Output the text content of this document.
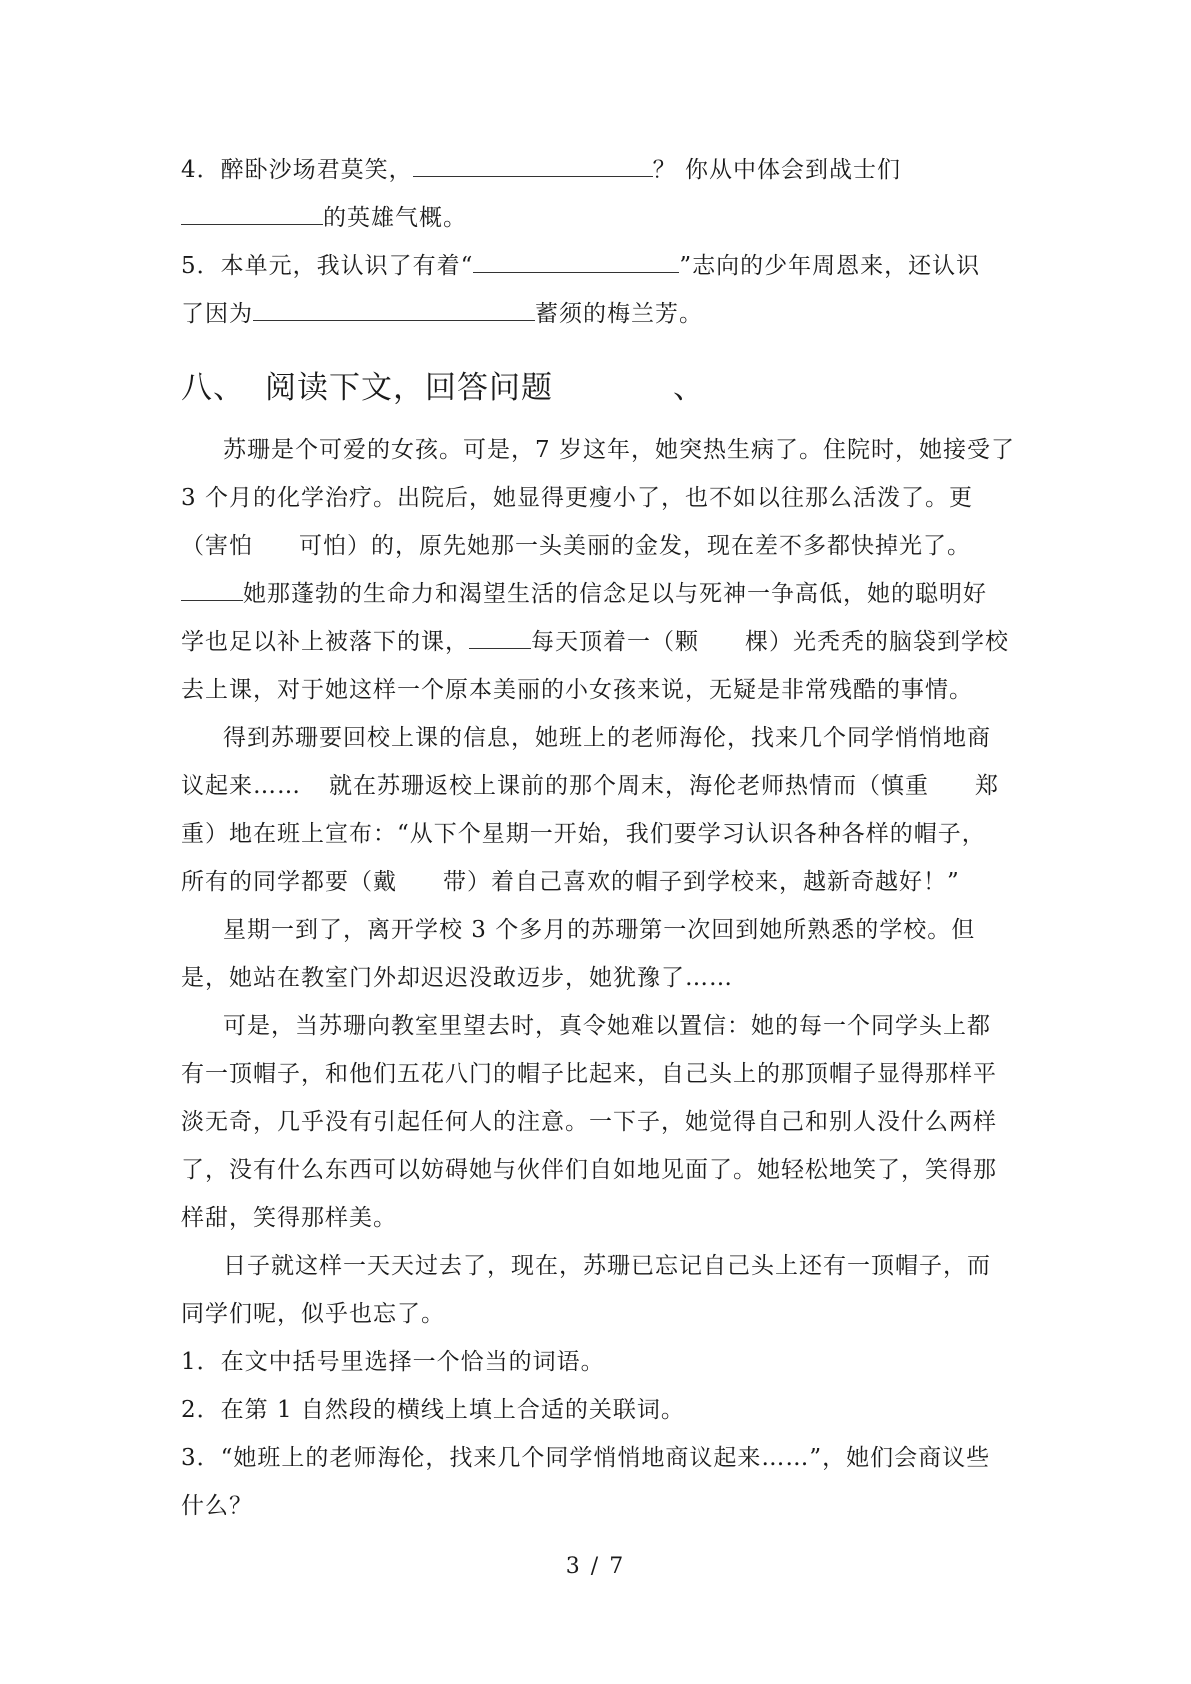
4．醉卧沙场君莫笑，	？ 你从中体会到战士们
的英雄气概。
5．本单元，我认识了有着“	”志向的少年周恩来，还认识
了因为	蓄须的梅兰芳。
八、 阅读下文，回答问题	、
苏珊是个可爱的女孩。可是，7 岁这年，她突热生病了。住院时，她接受了
3 个月的化学治疗。出院后，她显得更瘦小了，也不如以往那么活泼了。更
（害怕 可怕）的，原先她那一头美丽的金发，现在差不多都快掉光了。
她那蓬勃的生命力和渴望生活的信念足以与死神一争高低，她的聪明好
学也足以补上被落下的课，	每天顶着一（颗 棵）光秃秃的脑袋到学校
去上课，对于她这样一个原本美丽的小女孩来说，无疑是非常残酷的事情。
得到苏珊要回校上课的信息，她班上的老师海伦，找来几个同学悄悄地商
议起来…… 就在苏珊返校上课前的那个周末，海伦老师热情而（慎重 郑
重）地在班上宣布：“从下个星期一开始，我们要学习认识各种各样的帽子，
所有的同学都要（戴 带）着自己喜欢的帽子到学校来，越新奇越好！”
星期一到了，离开学校 3 个多月的苏珊第一次回到她所熟悉的学校。但
是，她站在教室门外却迟迟没敢迈步，她犹豫了……
可是，当苏珊向教室里望去时，真令她难以置信：她的每一个同学头上都
有一顶帽子，和他们五花八门的帽子比起来，自己头上的那顶帽子显得那样平
淡无奇，几乎没有引起任何人的注意。一下子，她觉得自己和别人没什么两样
了，没有什么东西可以妨碍她与伙伴们自如地见面了。她轻松地笑了，笑得那
样甜，笑得那样美。
日子就这样一天天过去了，现在，苏珊已忘记自己头上还有一顶帽子，而
同学们呢，似乎也忘了。
1．在文中括号里选择一个恰当的词语。
2．在第 1 自然段的横线上填上合适的关联词。
3．“她班上的老师海伦，找来几个同学悄悄地商议起来……”，她们会商议些
什么？
3 / 7
